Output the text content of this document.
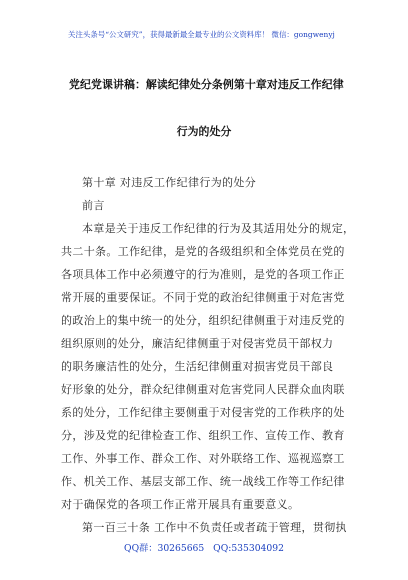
关注头条号“公文研究”，获得最新最全最专业的公文资料库！ 微信：gongwenyj
党纪党课讲稿：解读纪律处分条例第十章对违反工作纪律
行为的处分
第十章 对违反工作纪律行为的处分
前言
本章是关于违反工作纪律的行为及其适用处分的规定，
共二十条。工作纪律，是党的各级组织和全体党员在党的
各项具体工作中必须遵守的行为准则，是党的各项工作正
常开展的重要保证。不同于党的政治纪律侧重于对危害党
的政治上的集中统一的处分，组织纪律侧重于对违反党的
组织原则的处分，廉洁纪律侧重于对侵害党员干部权力
的职务廉洁性的处分，生活纪律侧重对损害党员干部良
好形象的处分，群众纪律侧重对危害党同人民群众血肉联
系的处分，工作纪律主要侧重于对侵害党的工作秩序的处
分，涉及党的纪律检查工作、组织工作、宣传工作、教育
工作、外事工作、群众工作、对外联络工作、巡视巡察工
作、机关工作、基层支部工作、统一战线工作等工作纪律
对于确保党的各项工作正常开展具有重要意义。
第一百三十条 工作中不负责任或者疏于管理，贯彻执
QQ群：30265665 QQ:535304092
